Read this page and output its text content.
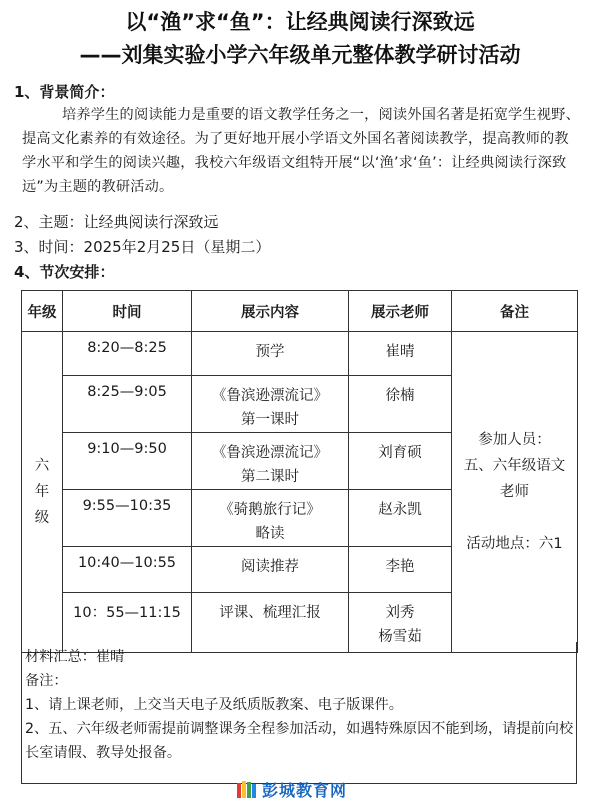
以“渔”求“鱼”：让经典阅读行深致远
——刘集实验小学六年级单元整体教学研讨活动
1、背景简介：
培养学生的阅读能力是重要的语文教学任务之一，阅读外国名著是拓宽学生视野、提高文化素养的有效途径。为了更好地开展小学语文外国名著阅读教学，提高教师的教学水平和学生的阅读兴趣，我校六年级语文组特开展“以‘渔’求‘鱼’：让经典阅读行深致远”为主题的教研活动。
2、主题：让经典阅读行深致远
3、时间：2025年2月25日（星期二）
4、节次安排：
年级	时间	展示内容	展示老师	备注
六年级	8:20—8:25	预学	崔晴	参加人员：
五、六年级语文
老师
活动地点：六1

	8:25—9:05	《鲁滨逊漂流记》
第一课时	徐楠	

	9:10—9:50	《鲁滨逊漂流记》
第二课时	刘育硕	

	9:55—10:35	《骑鹅旅行记》
略读	赵永凯	

	10:40—10:55	阅读推荐	李艳	

	10：55—11:15	评课、梳理汇报	刘秀
杨雪茹	
材料汇总：崔晴
备注：
1、请上课老师，上交当天电子及纸质版教案、电子版课件。
2、五、六年级老师需提前调整课务全程参加活动，如遇特殊原因不能到场，请提前向校长室请假、教导处报备。
彭城教育网
